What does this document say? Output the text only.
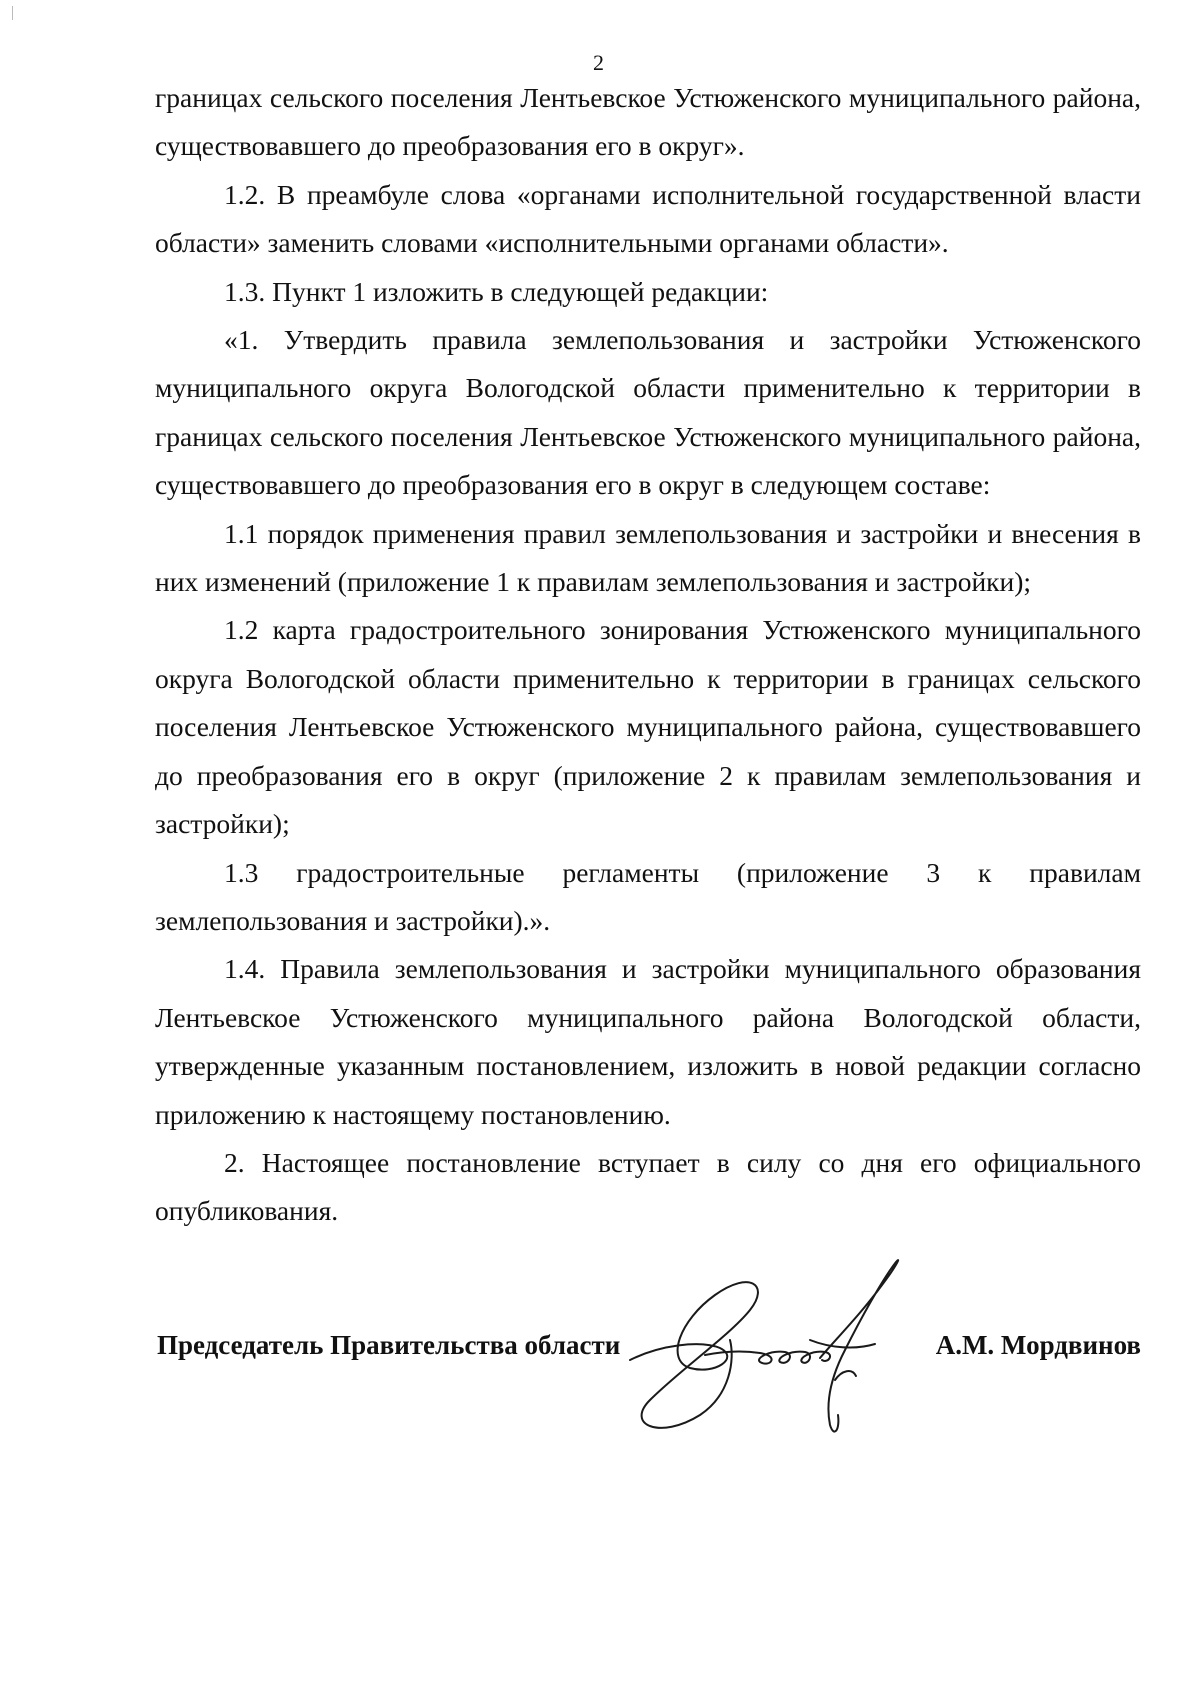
2

границах сельского поселения Лентьевское Устюженского муниципального района, существовавшего до преобразования его в округ».

1.2. В преамбуле слова «органами исполнительной государственной власти области» заменить словами «исполнительными органами области».

1.3. Пункт 1 изложить в следующей редакции:

«1. Утвердить правила землепользования и застройки Устюженского муниципального округа Вологодской области применительно к территории в границах сельского поселения Лентьевское Устюженского муниципального района, существовавшего до преобразования его в округ в следующем составе:

1.1 порядок применения правил землепользования и застройки и внесения в них изменений (приложение 1 к правилам землепользования и застройки);

1.2 карта градостроительного зонирования Устюженского муниципального округа Вологодской области применительно к территории в границах сельского поселения Лентьевское Устюженского муниципального района, существовавшего до преобразования его в округ (приложение 2 к правилам землепользования и застройки);

1.3 градостроительные регламенты (приложение 3 к правилам землепользования и застройки).».

1.4. Правила землепользования и застройки муниципального образования Лентьевское Устюженского муниципального района Вологодской области, утвержденные указанным постановлением, изложить в новой редакции согласно приложению к настоящему постановлению.

2. Настоящее постановление вступает в силу со дня его официального опубликования.

Председатель Правительства области	А.М. Мордвинов
